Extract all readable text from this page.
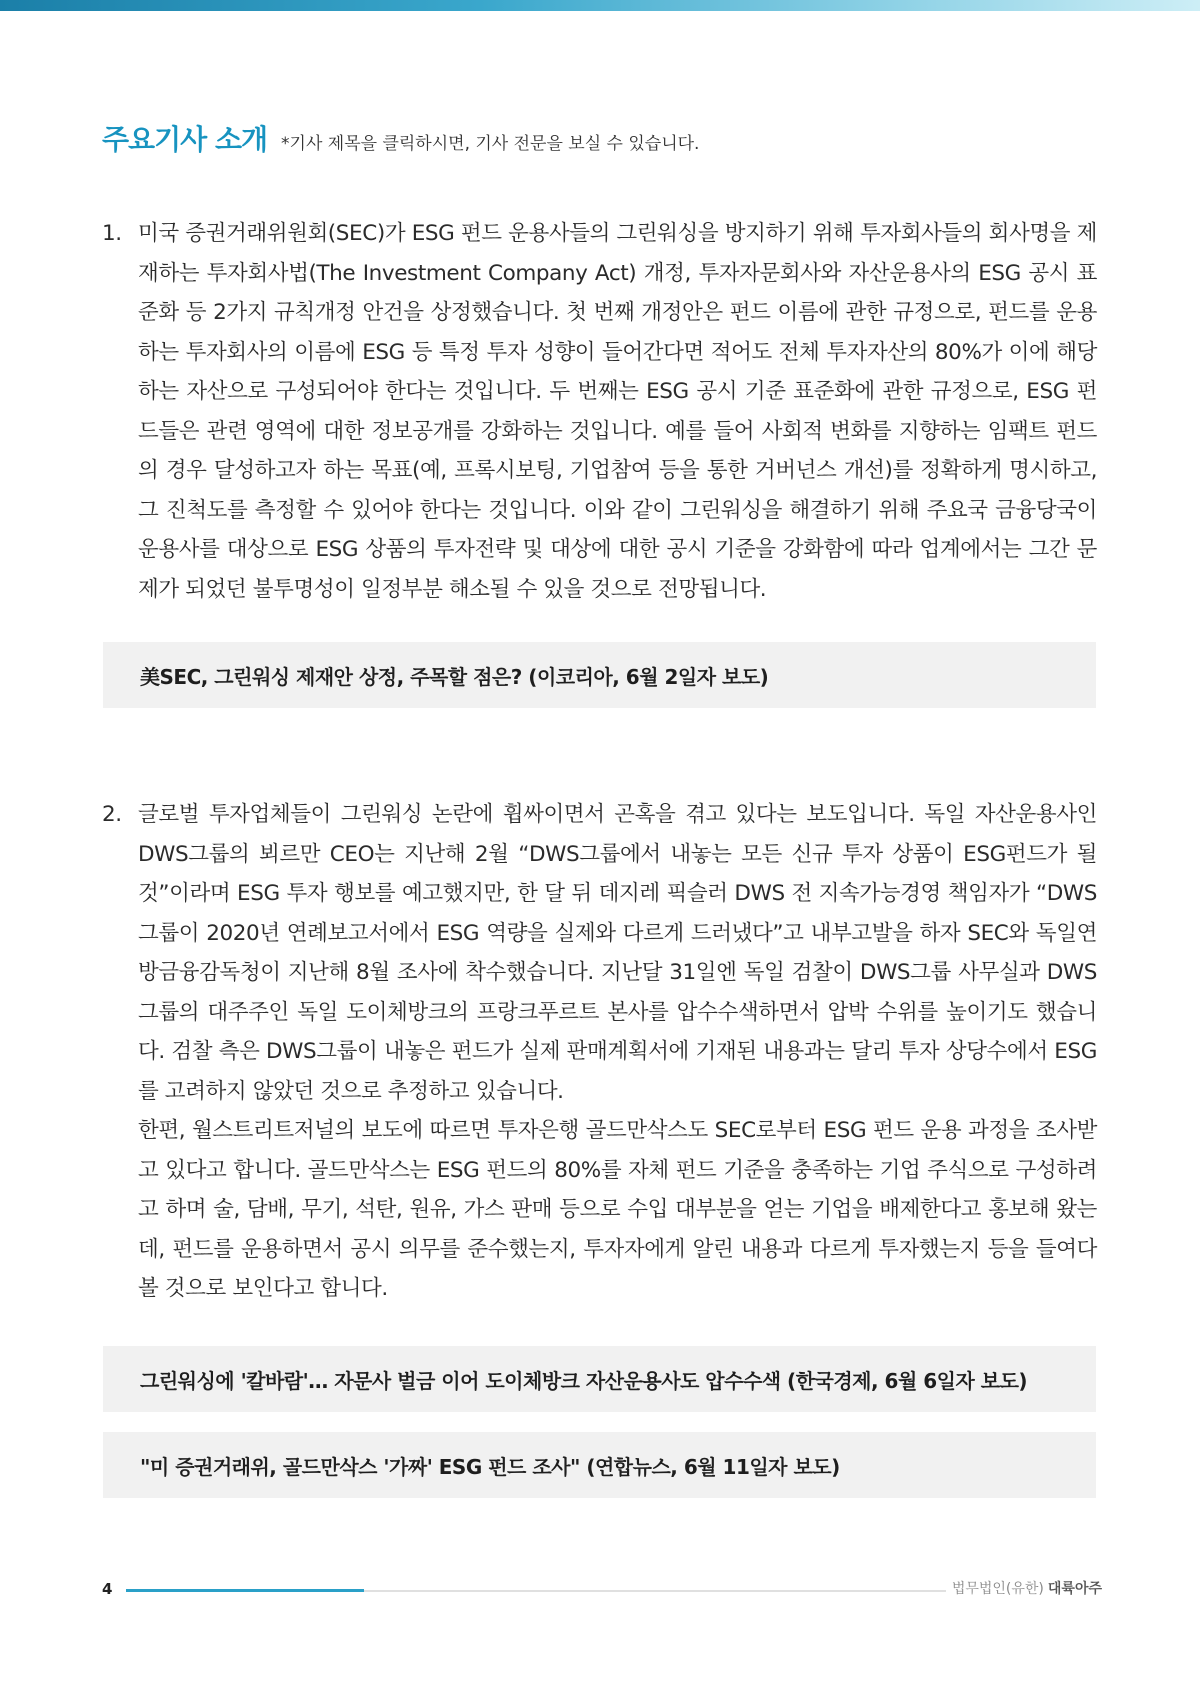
주요기사 소개 *기사 제목을 클릭하시면, 기사 전문을 보실 수 있습니다.
1. 미국 증권거래위원회(SEC)가 ESG 펀드 운용사들의 그린워싱을 방지하기 위해 투자회사들의 회사명을 제재하는 투자회사법(The Investment Company Act) 개정, 투자자문회사와 자산운용사의 ESG 공시 표준화 등 2가지 규칙개정 안건을 상정했습니다. 첫 번째 개정안은 펀드 이름에 관한 규정으로, 펀드를 운용하는 투자회사의 이름에 ESG 등 특정 투자 성향이 들어간다면 적어도 전체 투자자산의 80%가 이에 해당하는 자산으로 구성되어야 한다는 것입니다. 두 번째는 ESG 공시 기준 표준화에 관한 규정으로, ESG 펀드들은 관련 영역에 대한 정보공개를 강화하는 것입니다. 예를 들어 사회적 변화를 지향하는 임팩트 펀드의 경우 달성하고자 하는 목표(예, 프록시보팅, 기업참여 등을 통한 거버넌스 개선)를 정확하게 명시하고, 그 진척도를 측정할 수 있어야 한다는 것입니다. 이와 같이 그린워싱을 해결하기 위해 주요국 금융당국이 운용사를 대상으로 ESG 상품의 투자전략 및 대상에 대한 공시 기준을 강화함에 따라 업계에서는 그간 문제가 되었던 불투명성이 일정부분 해소될 수 있을 것으로 전망됩니다.
美SEC, 그린워싱 제재안 상정, 주목할 점은? (이코리아, 6월 2일자 보도)
2. 글로벌 투자업체들이 그린워싱 논란에 휩싸이면서 곤혹을 겪고 있다는 보도입니다. 독일 자산운용사인 DWS그룹의 뵈르만 CEO는 지난해 2월 “DWS그룹에서 내놓는 모든 신규 투자 상품이 ESG펀드가 될 것”이라며 ESG 투자 행보를 예고했지만, 한 달 뒤 데지레 픽슬러 DWS 전 지속가능경영 책임자가 “DWS그룹이 2020년 연례보고서에서 ESG 역량을 실제와 다르게 드러냈다”고 내부고발을 하자 SEC와 독일연방금융감독청이 지난해 8월 조사에 착수했습니다. 지난달 31일엔 독일 검찰이 DWS그룹 사무실과 DWS그룹의 대주주인 독일 도이체방크의 프랑크푸르트 본사를 압수수색하면서 압박 수위를 높이기도 했습니다. 검찰 측은 DWS그룹이 내놓은 펀드가 실제 판매계획서에 기재된 내용과는 달리 투자 상당수에서 ESG를 고려하지 않았던 것으로 추정하고 있습니다.
한편, 월스트리트저널의 보도에 따르면 투자은행 골드만삭스도 SEC로부터 ESG 펀드 운용 과정을 조사받고 있다고 합니다. 골드만삭스는 ESG 펀드의 80%를 자체 펀드 기준을 충족하는 기업 주식으로 구성하려고 하며 술, 담배, 무기, 석탄, 원유, 가스 판매 등으로 수입 대부분을 얻는 기업을 배제한다고 홍보해 왔는데, 펀드를 운용하면서 공시 의무를 준수했는지, 투자자에게 알린 내용과 다르게 투자했는지 등을 들여다볼 것으로 보인다고 합니다.
그린워싱에 '칼바람'… 자문사 벌금 이어 도이체방크 자산운용사도 압수수색 (한국경제, 6월 6일자 보도)
"미 증권거래위, 골드만삭스 '가짜' ESG 펀드 조사" (연합뉴스, 6월 11일자 보도)
4	법무법인(유한) 대륙아주
